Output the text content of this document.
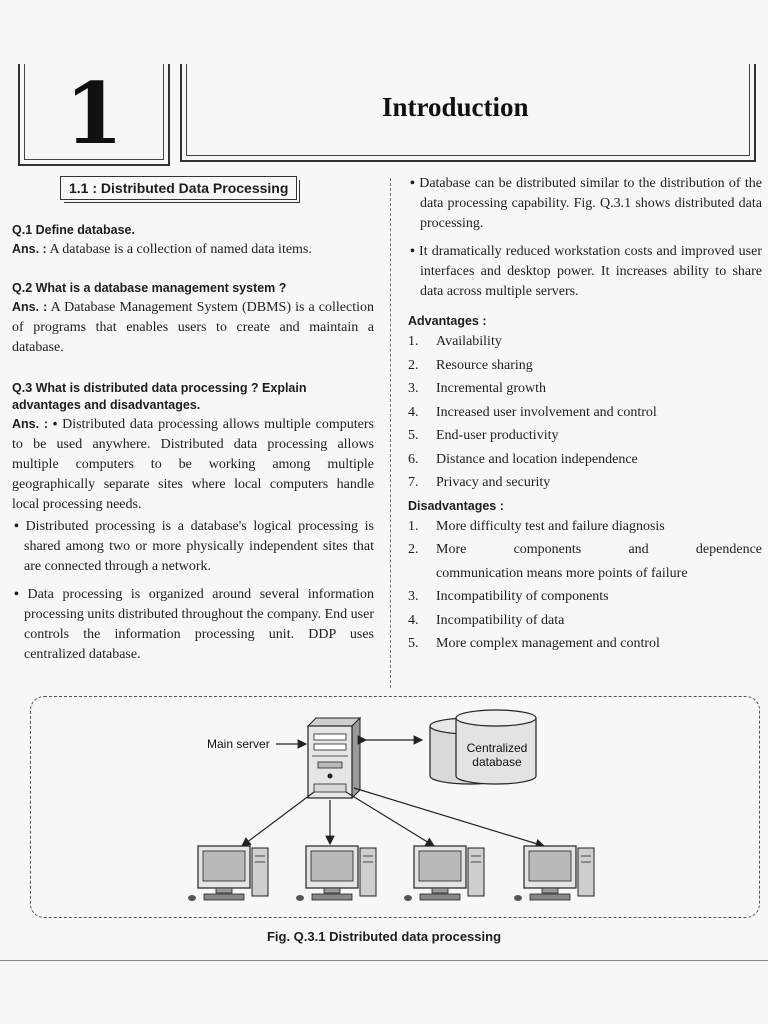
1	Introduction
1.1 : Distributed Data Processing

Q.1 Define database.

Ans. : A database is a collection of named data items.

Q.2 What is a database management system ?

Ans. : A Database Management System (DBMS) is a collection of programs that enables users to create and maintain a database.

Q.3 What is distributed data processing ? Explain advantages and disadvantages.

Ans. : • Distributed data processing allows multiple computers to be used anywhere. Distributed data processing allows multiple computers to be working among multiple geographically separate sites where local computers handle local processing needs.

• Distributed processing is a database's logical processing is shared among two or more physically independent sites that are connected through a network.

• Data processing is organized around several information processing units distributed throughout the company. End user controls the information processing unit. DDP uses centralized database.

• Database can be distributed similar to the distribution of the data processing capability. Fig. Q.3.1 shows distributed data processing.

• It dramatically reduced workstation costs and improved user interfaces and desktop power. It increases ability to share data across multiple servers.

Advantages :

1.	Availability
2.	Resource sharing
3.	Incremental growth
4.	Increased user involvement and control
5.	End-user productivity
6.	Distance and location independence
7.	Privacy and security

Disadvantages :

1.	More difficulty test and failure diagnosis
2.	More components and dependence
communication means more points of failure
3.	Incompatibility of components
4.	Incompatibility of data
5.	More complex management and control
Main server	Centralized
database
Fig. Q.3.1 Distributed data processing
